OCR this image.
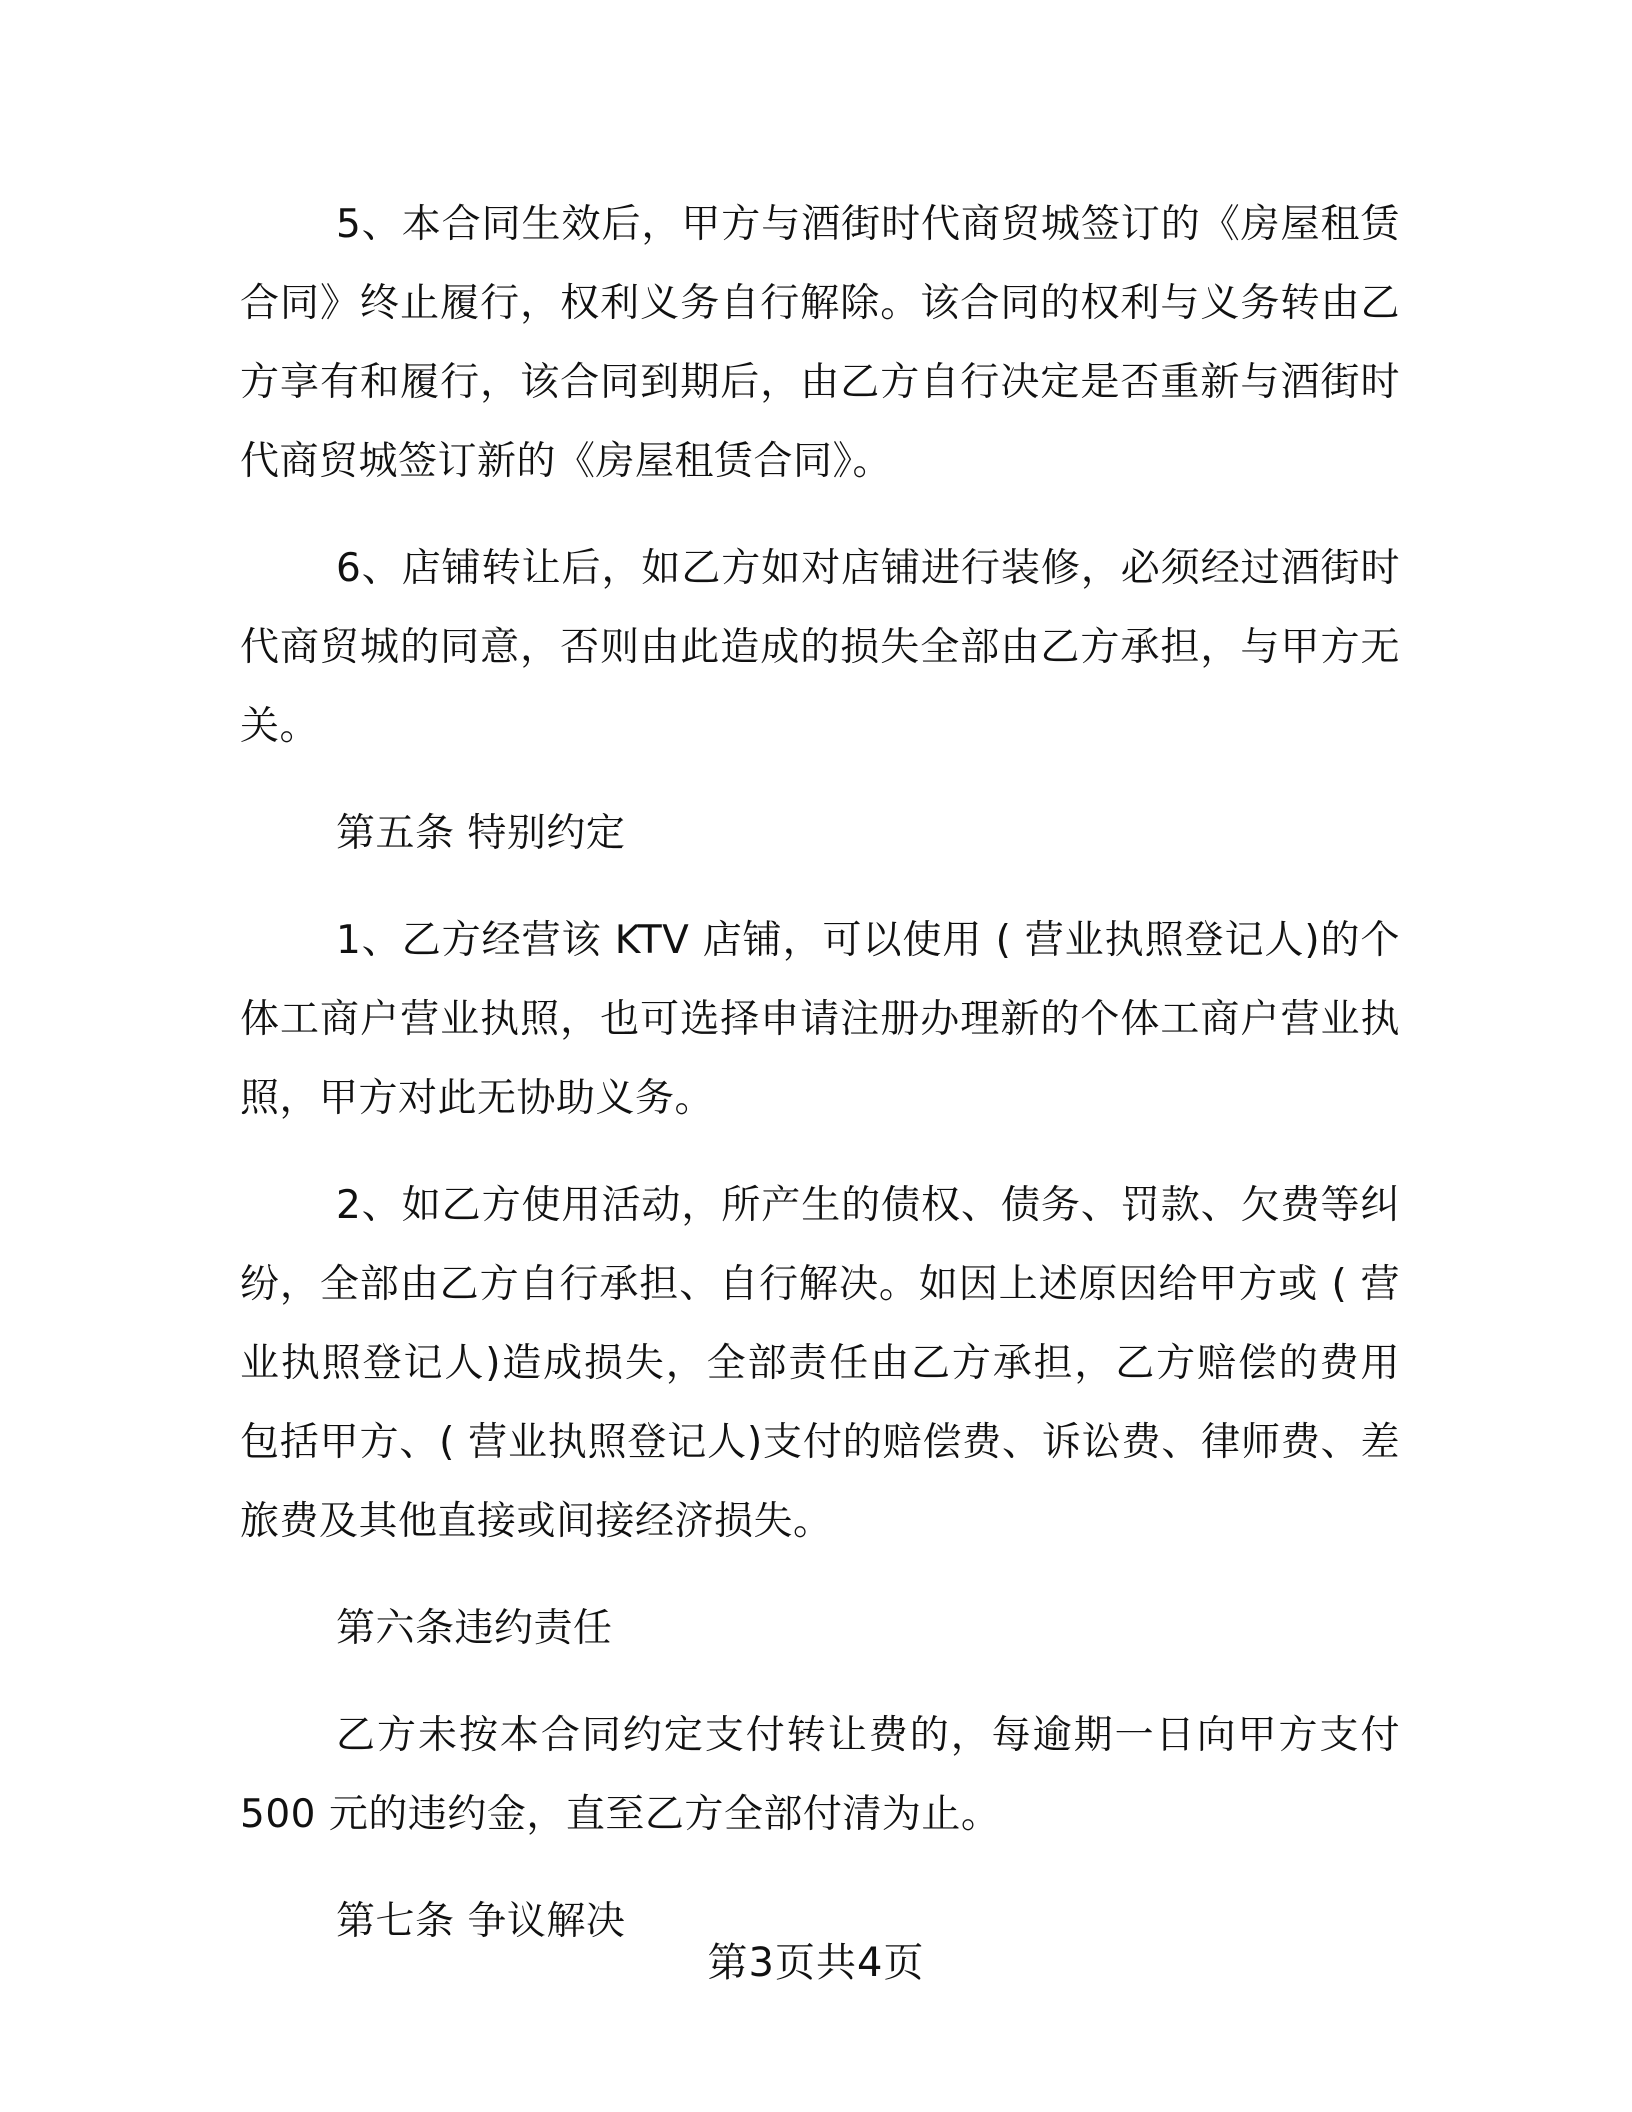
5、本合同生效后，甲方与酒街时代商贸城签订的《房屋租赁合同》终止履行，权利义务自行解除。该合同的权利与义务转由乙方享有和履行，该合同到期后，由乙方自行决定是否重新与酒街时代商贸城签订新的《房屋租赁合同》。

6、店铺转让后，如乙方如对店铺进行装修，必须经过酒街时代商贸城的同意，否则由此造成的损失全部由乙方承担，与甲方无关。

第五条 特别约定

1、乙方经营该 KTV 店铺，可以使用 ( 营业执照登记人)的个体工商户营业执照，也可选择申请注册办理新的个体工商户营业执照，甲方对此无协助义务。

2、如乙方使用活动，所产生的债权、债务、罚款、欠费等纠纷，全部由乙方自行承担、自行解决。如因上述原因给甲方或 ( 营业执照登记人)造成损失，全部责任由乙方承担，乙方赔偿的费用包括甲方、( 营业执照登记人)支付的赔偿费、诉讼费、律师费、差旅费及其他直接或间接经济损失。

第六条违约责任

乙方未按本合同约定支付转让费的，每逾期一日向甲方支付 500 元的违约金，直至乙方全部付清为止。

第七条 争议解决

第3页共4页
